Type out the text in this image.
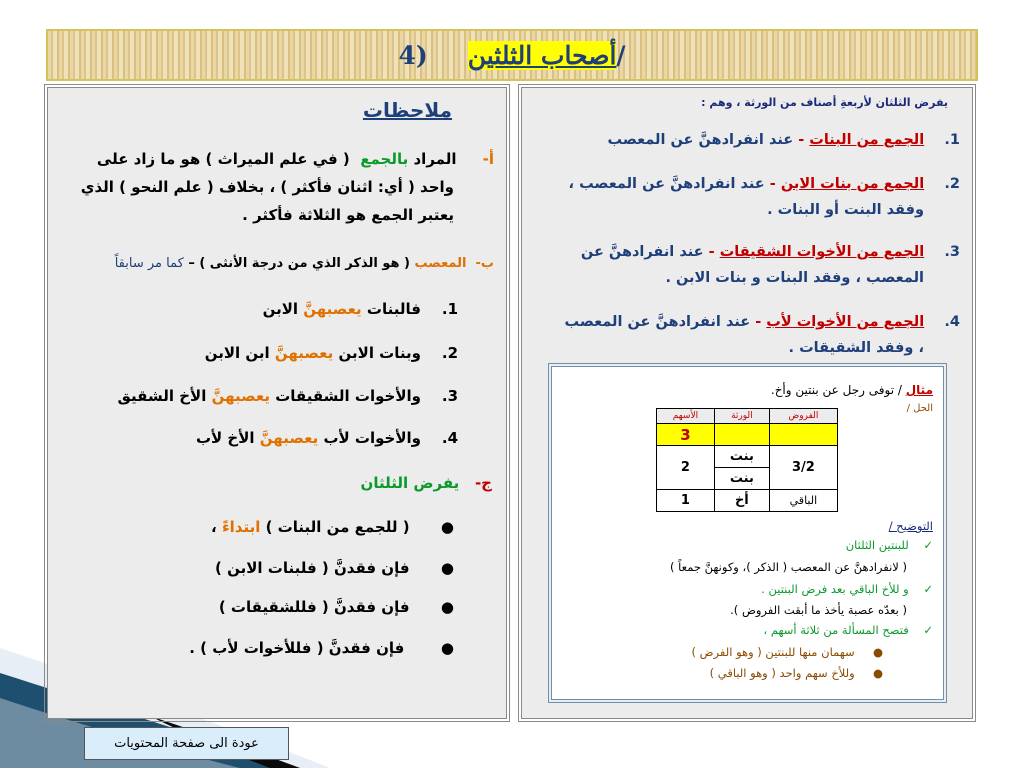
/أصحاب الثلثين(4
ملاحظات
أ-     المراد بالجمع  ( في علم الميراث ) هو ما زاد على
واحد ( أي: اثنان فأكثر ) ، بخلاف ( علم النحو ) الذي
يعتبر الجمع هو الثلاثة فأكثر .
ب-  المعصب ( هو الذكر الذي من درجة الأنثى ) – كما مر سابقاً
1.    فالبنات يعصبهنَّ الابن
2.    وبنات الابن يعصبهنَّ ابن الابن
3.    والأخوات الشقيقات يعصبهنَّ الأخ الشقيق
4.    والأخوات لأب يعصبهنَّ الأخ لأب
ج-   يفرض الثلثان
●      ( للجمع من البنات ) ابتداءً ،
●      فإن فقدنَّ ( فلبنات الابن )
●      فإن فقدنَّ ( فللشقيقات )
●       فإن فقدنَّ ( فللأخوات لأب ) .
يفرض الثلثان لأربعةِ أصناف من الورثة ، وهم :
1.    الجمع من البنات - عند انفرادهنَّ عن المعصب
2.    الجمع من بنات الابن - عند انفرادهنَّ عن المعصب ،
وفقد البنت أو البنات .
3.    الجمع من الأخوات الشقيقات - عند انفرادهنَّ عن
المعصب ، وفقد البنات و بنات الابن .
4.    الجمع من الأخوات لأب - عند انفرادهنَّ عن المعصب
، وفقد الشقيقات .
مثال / توفى رجل عن بنتين وأخ.
الحل /
الفروض	الورثة	الأسهم
		3
3/2	بنت	2
	بنت	
الباقي	أخ	1
التوضيح /
✓    للبنتين الثلثان
( لانفرادهنَّ عن المعصب ( الذكر )، وكونهنَّ جمعاً )
✓    و للأخ الباقي بعد فرض البنتين .
( بعدّه عصبة يأخذ ما أبقت الفروض ).
✓    فتصح المسألة من ثلاثة أسهم ،
●     سهمان منها للبنتين ( وهو الفرض )
●     وللأخ سهم واحد ( وهو الباقي )
عودة الى صفحة المحتويات
